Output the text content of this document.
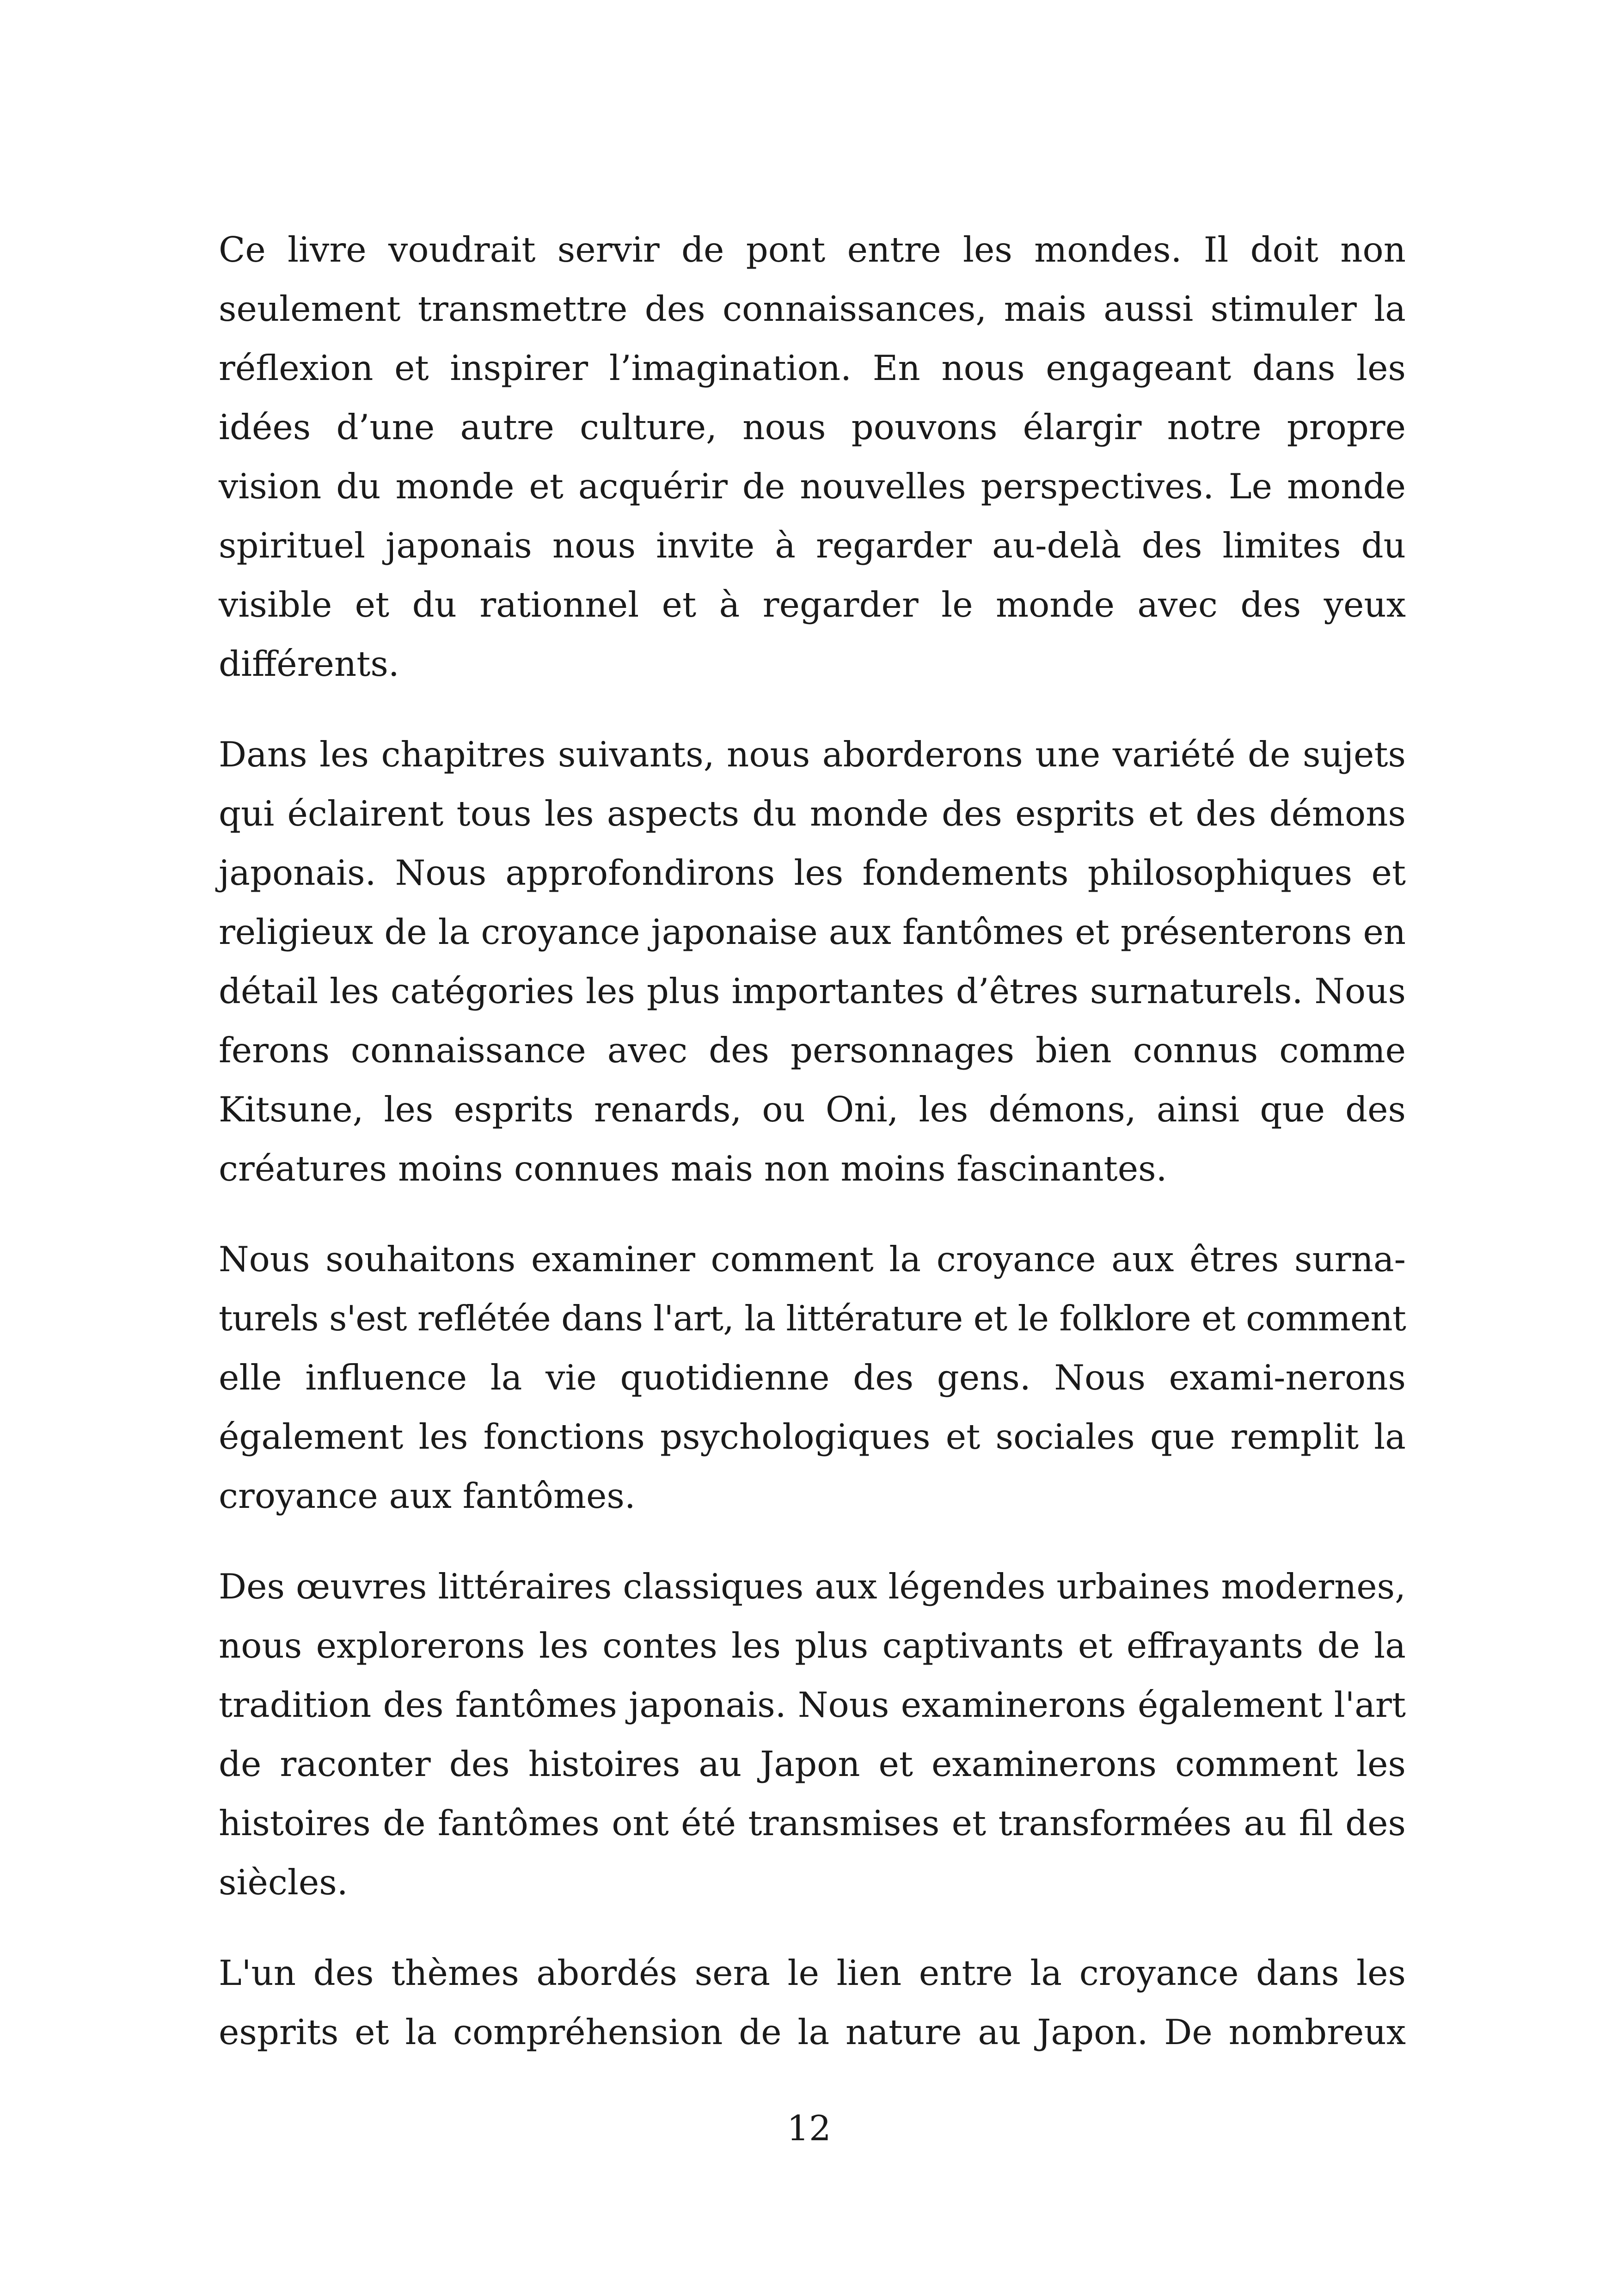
Ce livre voudrait servir de pont entre les mondes. Il doit non
seulement transmettre des connaissances, mais aussi stimuler la
réflexion et inspirer l’imagination. En nous engageant dans les
idées d’une autre culture, nous pouvons élargir notre propre
vision du monde et acquérir de nouvelles perspectives. Le monde
spirituel japonais nous invite à regarder au-delà des limites du
visible et du rationnel et à regarder le monde avec des yeux
différents.
Dans les chapitres suivants, nous aborderons une variété de sujets
qui éclairent tous les aspects du monde des esprits et des démons
japonais. Nous approfondirons les fondements philosophiques et
religieux de la croyance japonaise aux fantômes et présenterons en
détail les catégories les plus importantes d’êtres surnaturels. Nous
ferons connaissance avec des personnages bien connus comme
Kitsune, les esprits renards, ou Oni, les démons, ainsi que des
créatures moins connues mais non moins fascinantes.
Nous souhaitons examiner comment la croyance aux êtres surna-
turels s'est reflétée dans l'art, la littérature et le folklore et comment
elle influence la vie quotidienne des gens. Nous exami-nerons
également les fonctions psychologiques et sociales que remplit la
croyance aux fantômes.
Des œuvres littéraires classiques aux légendes urbaines modernes,
nous explorerons les contes les plus captivants et effrayants de la
tradition des fantômes japonais. Nous examinerons également l'art
de raconter des histoires au Japon et examinerons comment les
histoires de fantômes ont été transmises et transformées au fil des
siècles.
L'un des thèmes abordés sera le lien entre la croyance dans les
esprits et la compréhension de la nature au Japon. De nombreux
12
